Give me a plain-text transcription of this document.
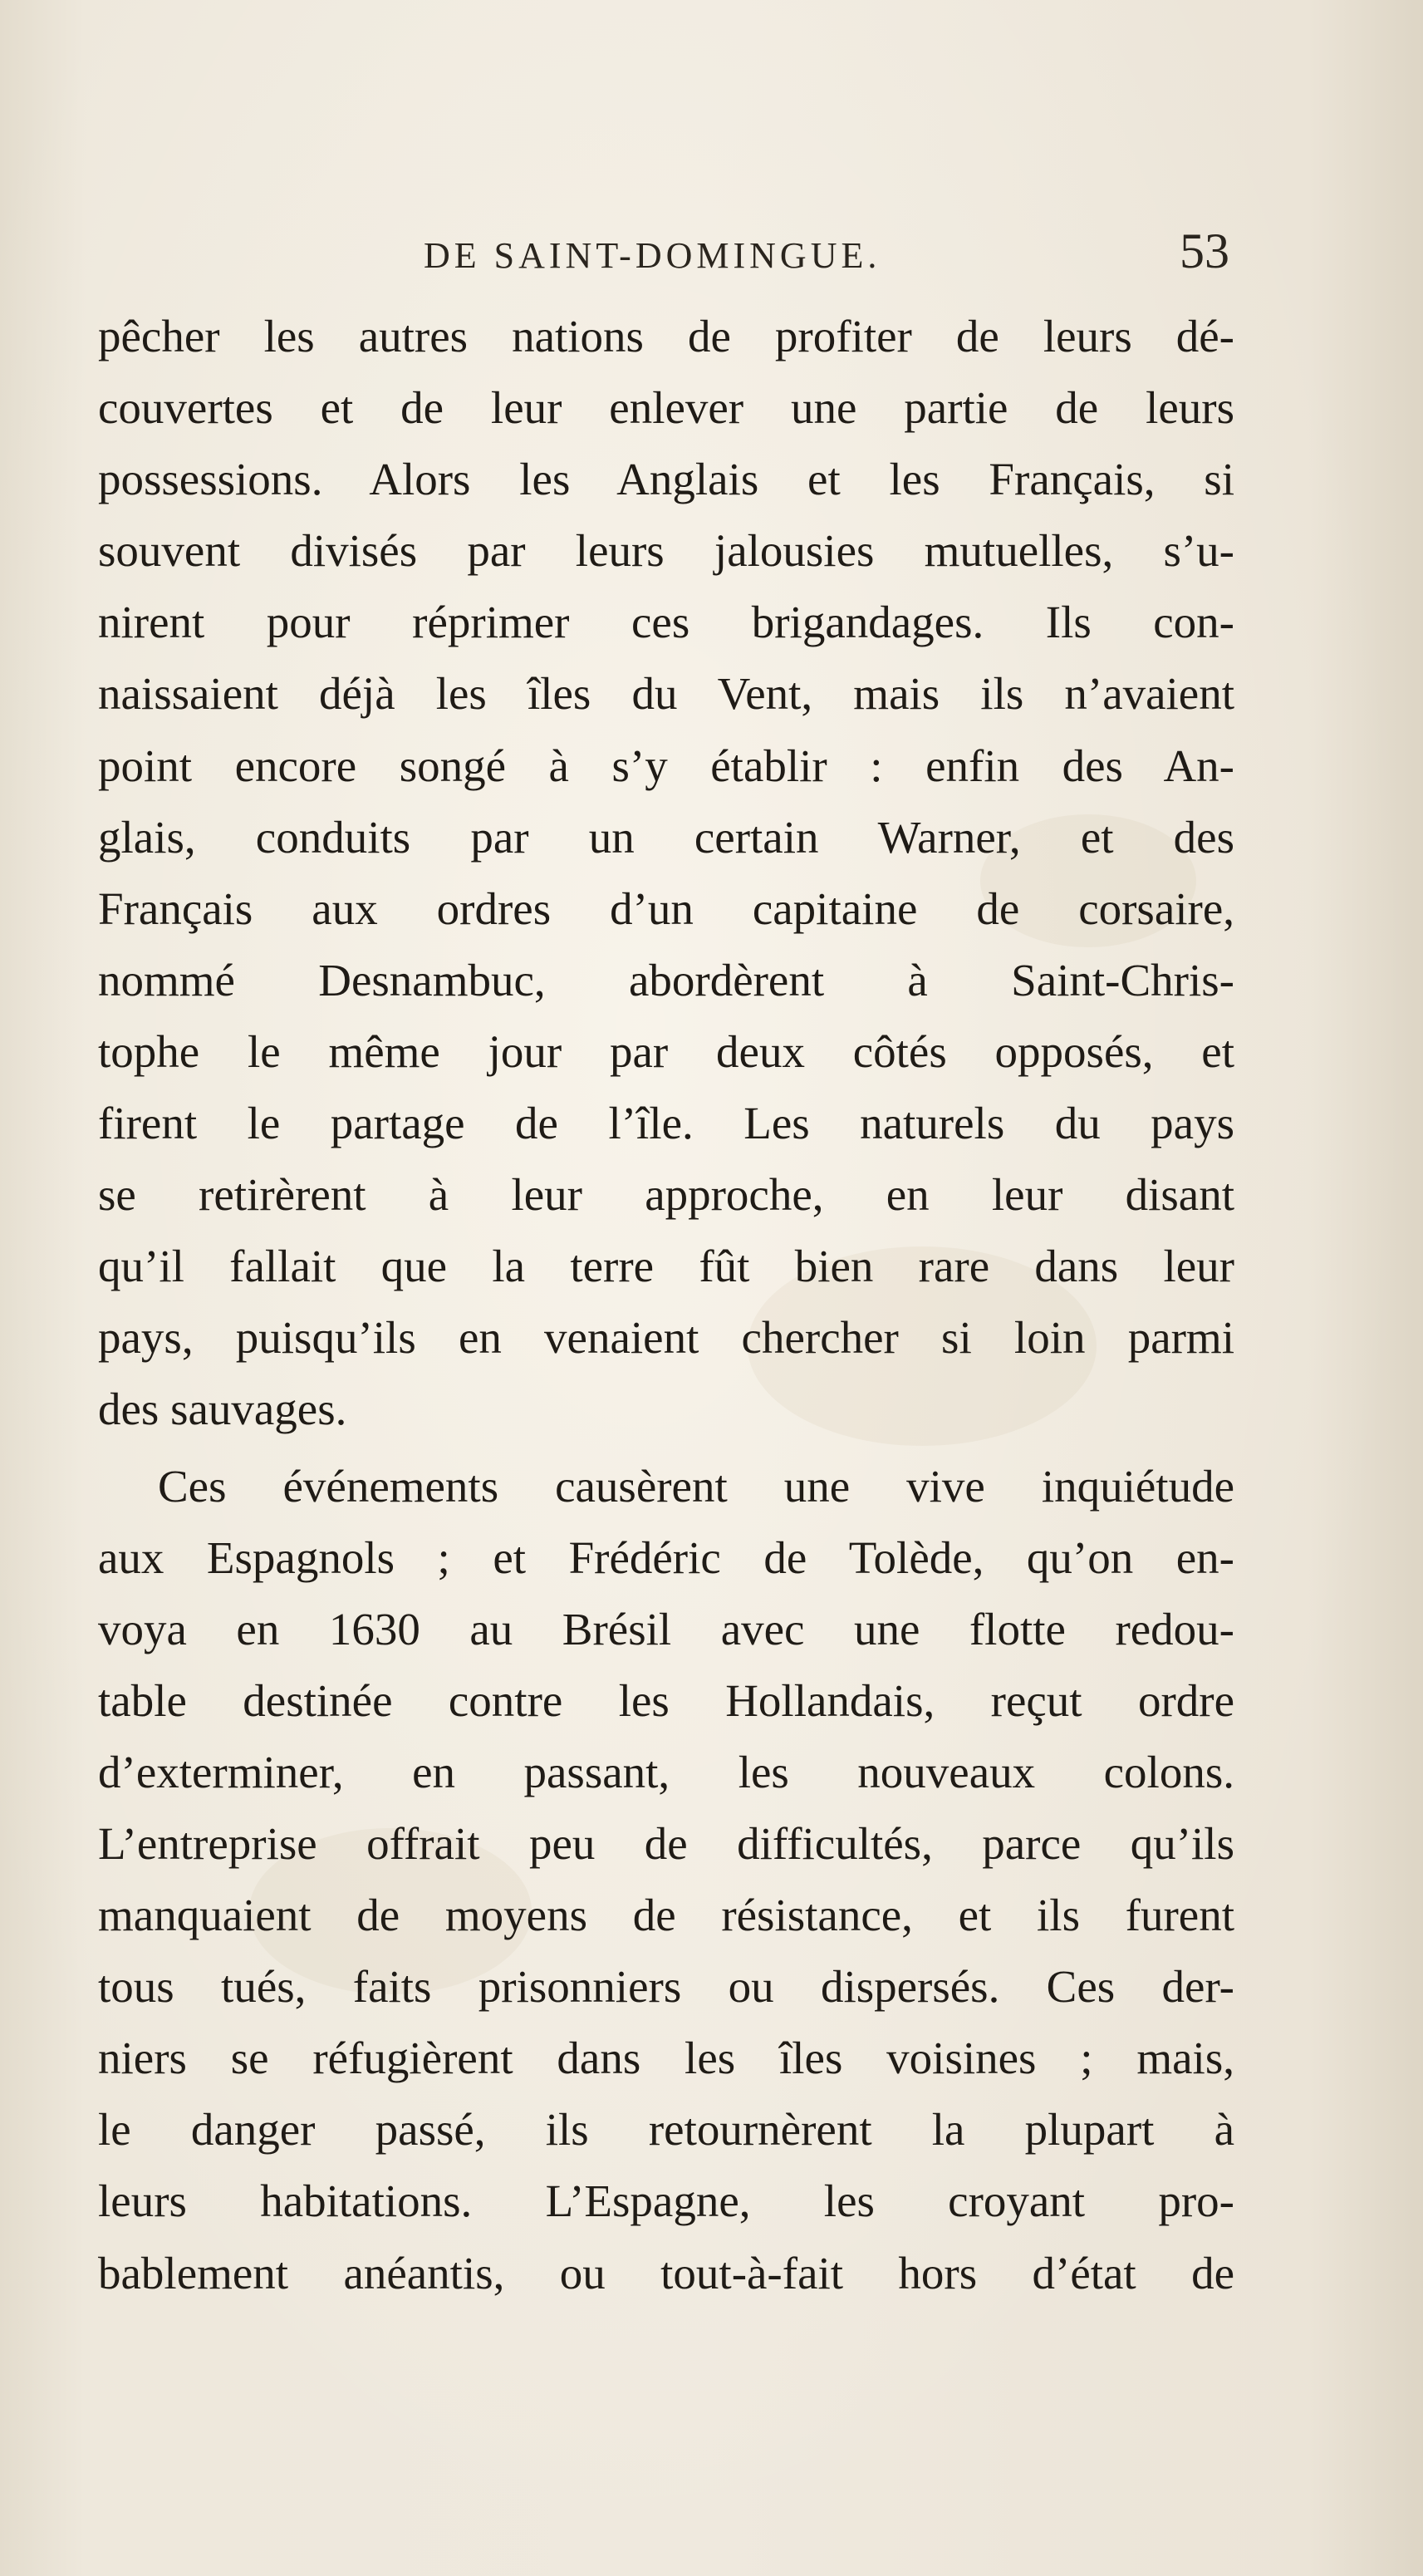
DE SAINT-DOMINGUE.	53
pêcher les autres nations de profiter de leurs dé-
couvertes et de leur enlever une partie de leurs
possessions. Alors les Anglais et les Français, si
souvent divisés par leurs jalousies mutuelles, s’u-
nirent pour réprimer ces brigandages. Ils con-
naissaient déjà les îles du Vent, mais ils n’avaient
point encore songé à s’y établir : enfin des An-
glais, conduits par un certain Warner, et des
Français aux ordres d’un capitaine de corsaire,
nommé Desnambuc, abordèrent à Saint-Chris-
tophe le même jour par deux côtés opposés, et
firent le partage de l’île. Les naturels du pays
se retirèrent à leur approche, en leur disant
qu’il fallait que la terre fût bien rare dans leur
pays, puisqu’ils en venaient chercher si loin parmi
des sauvages.
Ces événements causèrent une vive inquiétude
aux Espagnols ; et Frédéric de Tolède, qu’on en-
voya en 1630 au Brésil avec une flotte redou-
table destinée contre les Hollandais, reçut ordre
d’exterminer, en passant, les nouveaux colons.
L’entreprise offrait peu de difficultés, parce qu’ils
manquaient de moyens de résistance, et ils furent
tous tués, faits prisonniers ou dispersés. Ces der-
niers se réfugièrent dans les îles voisines ; mais,
le danger passé, ils retournèrent la plupart à
leurs habitations. L’Espagne, les croyant pro-
bablement anéantis, ou tout-à-fait hors d’état de
